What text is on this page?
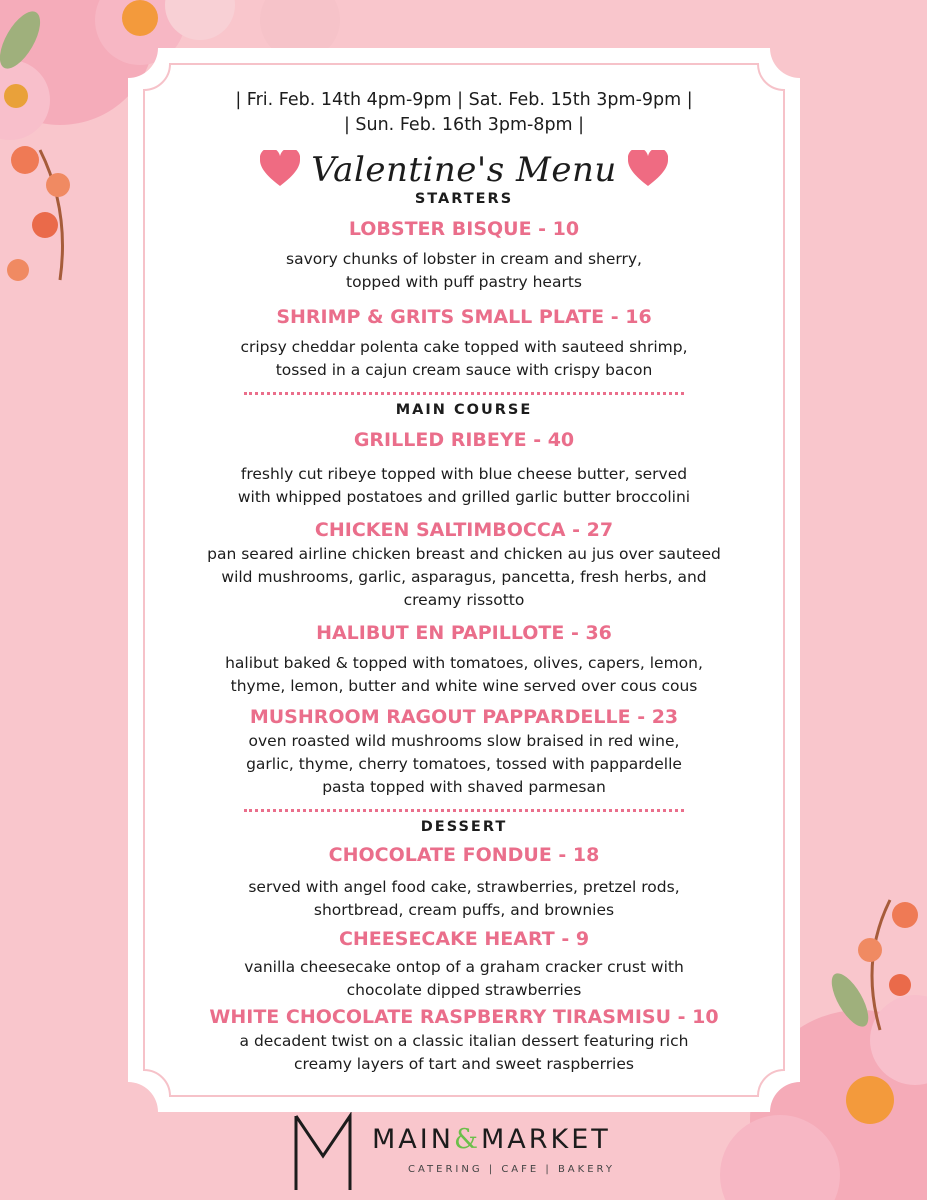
| Fri. Feb. 14th 4pm-9pm | Sat. Feb. 15th 3pm-9pm |

| Sun. Feb. 16th 3pm-8pm |

Valentine's Menu
STARTERS
LOBSTER BISQUE - 10
savory chunks of lobster in cream and sherry,
topped with puff pastry hearts
SHRIMP & GRITS SMALL PLATE - 16
cripsy cheddar polenta cake topped with sauteed shrimp,
tossed in a cajun cream sauce with crispy bacon
MAIN COURSE
GRILLED RIBEYE - 40
freshly cut ribeye topped with blue cheese butter, served
with whipped postatoes and grilled garlic butter broccolini
CHICKEN SALTIMBOCCA - 27
pan seared airline chicken breast and chicken au jus over sauteed
wild mushrooms, garlic, asparagus, pancetta, fresh herbs, and
creamy rissotto
HALIBUT EN PAPILLOTE - 36
halibut baked & topped with tomatoes, olives, capers, lemon,
thyme, lemon, butter and white wine served over cous cous
MUSHROOM RAGOUT PAPPARDELLE - 23
oven roasted wild mushrooms slow braised in red wine,
garlic, thyme, cherry tomatoes, tossed with pappardelle
pasta topped with shaved parmesan
DESSERT
CHOCOLATE FONDUE - 18
served with angel food cake, strawberries, pretzel rods,
shortbread, cream puffs, and brownies
CHEESECAKE HEART - 9
vanilla cheesecake ontop of a graham cracker crust with
chocolate dipped strawberries
WHITE CHOCOLATE RASPBERRY TIRASMISU - 10
a decadent twist on a classic italian dessert featuring rich
creamy layers of tart and sweet raspberries
MAIN&MARKET
CATERING | CAFE | BAKERY
